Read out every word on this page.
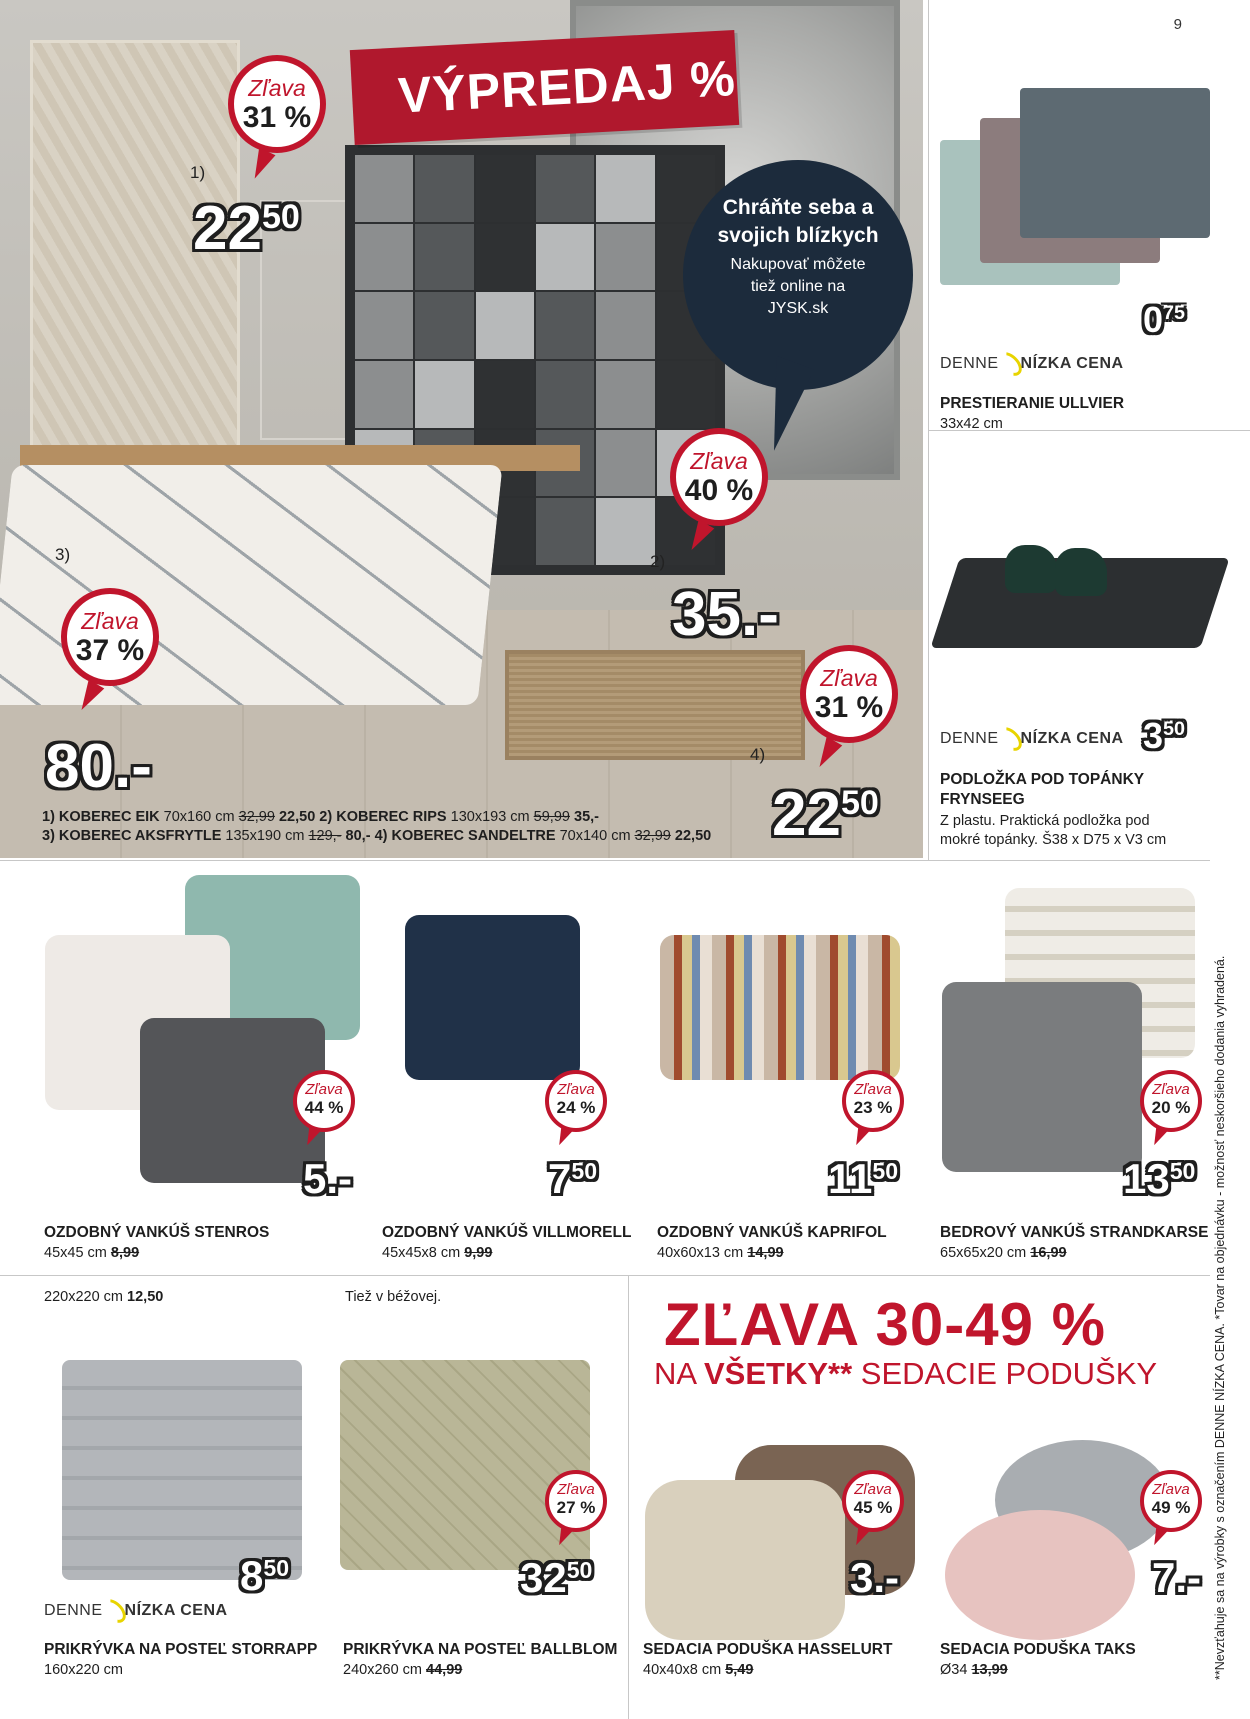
9
VÝPREDAJ %
Chráňte seba a
svojich blízkych
Nakupovať môžete
tiež online na
JYSK.sk
Zľava
31 %
1)
$22^{50}$
Zľava
40 %
2)
35.-
Zľava
37 %
3)
80.-
Zľava
31 %
4)
$22^{50}$
1) KOBEREC EIK 70x160 cm 32,99 22,50 2) KOBEREC RIPS 130x193 cm 59,99 35,-
3) KOBEREC AKSFRYTLE 135x190 cm 129,- 80,- 4) KOBEREC SANDELTRE 70x140 cm 32,99 22,50
$0^{75}$
DENNE NÍZKA CENA
PRESTIERANIE ULLVIER
33x42 cm
$3^{50}$
DENNE NÍZKA CENA
PODLOŽKA POD TOPÁNKY
FRYNSEEG
Z plastu. Praktická podložka pod
mokré topánky. Š38 x D75 x V3 cm
Zľava
44 %
5.-
OZDOBNÝ VANKÚŠ STENROS
45x45 cm 8,99
Zľava
24 %
$7^{50}$
OZDOBNÝ VANKÚŠ VILLMORELL
45x45x8 cm 9,99
Zľava
23 %
$11^{50}$
OZDOBNÝ VANKÚŠ KAPRIFOL
40x60x13 cm 14,99
Zľava
20 %
$13^{50}$
BEDROVÝ VANKÚŠ STRANDKARSE
65x65x20 cm 16,99
220x220 cm 12,50
$8^{50}$
DENNE NÍZKA CENA
PRIKRÝVKA NA POSTEĽ STORRAPP
160x220 cm
Tiež v béžovej.
Zľava
27 %
$32^{50}$
PRIKRÝVKA NA POSTEĽ BALLBLOM
240x260 cm 44,99
ZĽAVA 30-49 %
NA VŠETKY** SEDACIE PODUŠKY
Zľava
45 %
3.-
SEDACIA PODUŠKA HASSELURT
40x40x8 cm 5,49
Zľava
49 %
7.-
SEDACIA PODUŠKA TAKS
Ø34 13,99	**Nevzťahuje sa na výrobky s označením DENNE NÍZKA CENA. *Tovar na objednávku - možnosť neskoršieho dodania vyhradená.
